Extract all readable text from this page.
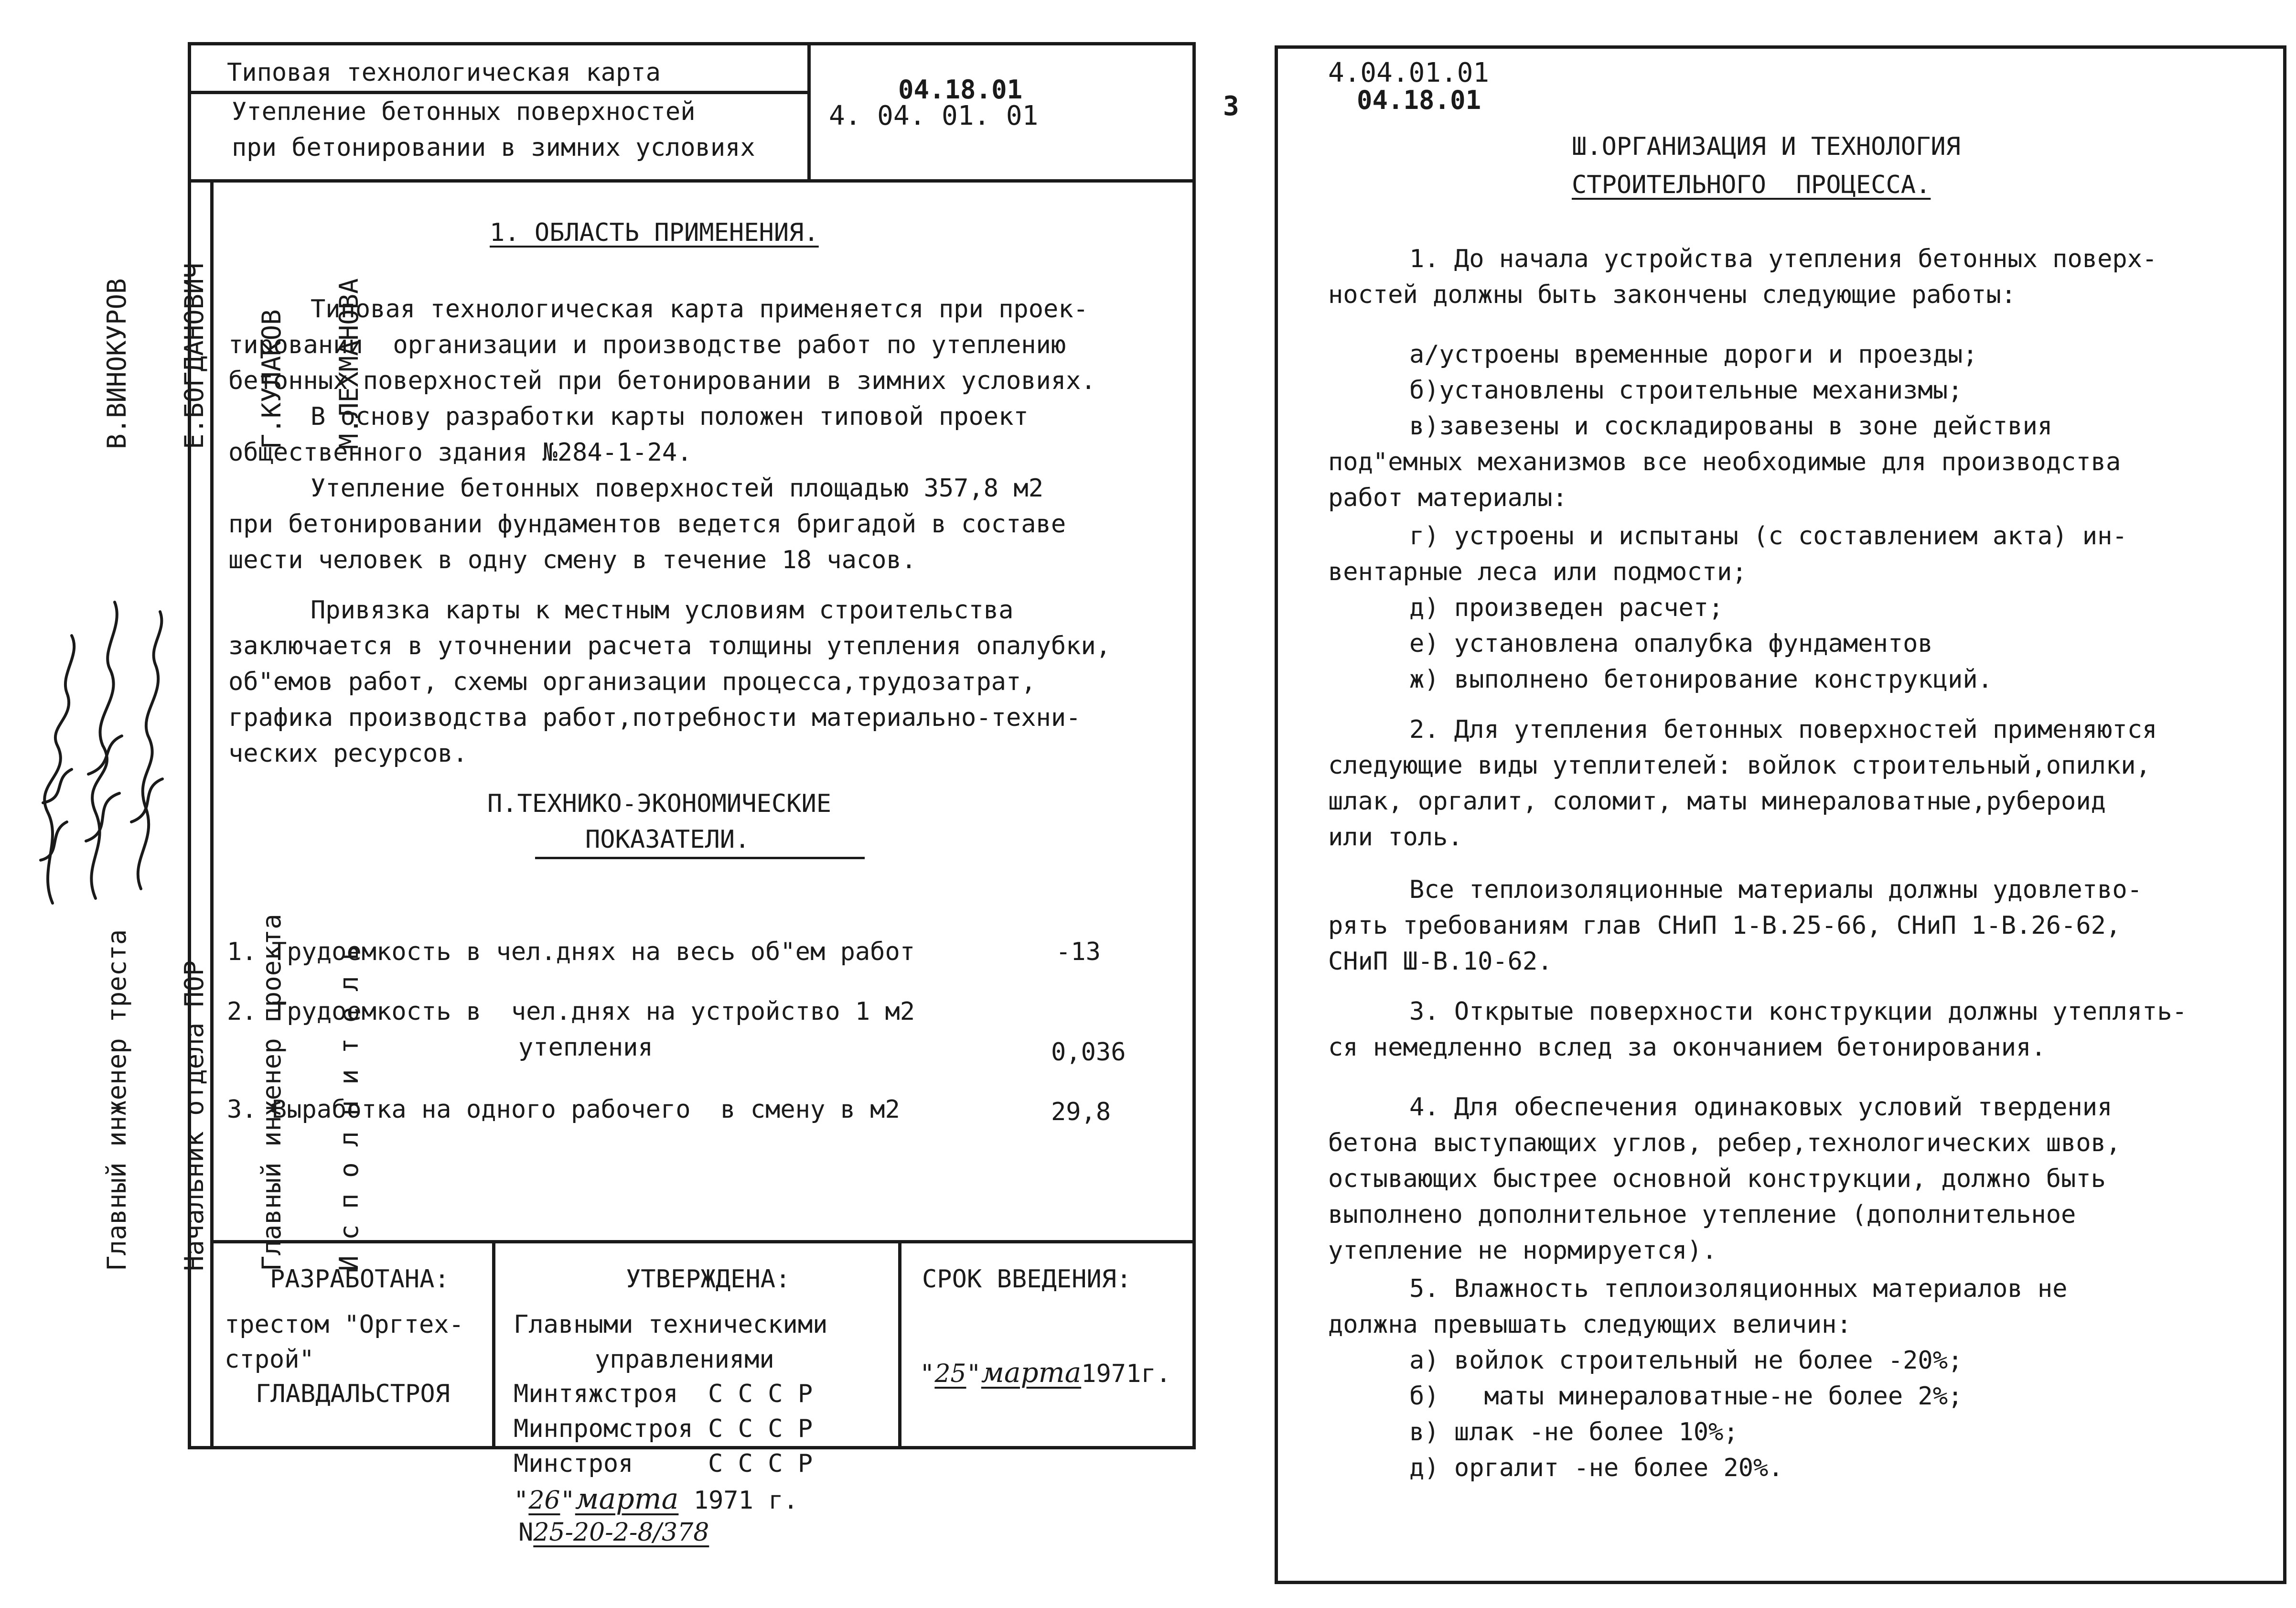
3
Типовая технологическая карта
Утепление бетонных поверхностей
при бетонировании в зимних условиях
04.18.01
4. 04. 01. 01
1. ОБЛАСТЬ ПРИМЕНЕНИЯ.
Типовая технологическая карта применяется при проек-
тировании  организации и производстве работ по утеплению
бетонных поверхностей при бетонировании в зимних условиях.
В основу разработки карты положен типовой проект
общественного здания №284-1-24.
Утепление бетонных поверхностей площадью 357,8 м2
при бетонировании фундаментов ведется бригадой в составе
шести человек в одну смену в течение 18 часов.
Привязка карты к местным условиям строительства
заключается в уточнении расчета толщины утепления опалубки,
об"емов работ, схемы организации процесса,трудозатрат,
графика производства работ,потребности материально-техни-
ческих ресурсов.
П.ТЕХНИКО-ЭКОНОМИЧЕСКИЕ
ПОКАЗАТЕЛИ.
1. Трудоемкость в чел.днях на весь об"ем работ	-13
2. Трудоемкость в  чел.днях на устройство 1 м2
утепления	0,036
3. Выработка на одного рабочего  в смену в м2	29,8
РАЗРАБОТАНА:
трестом "Оргтех-
строй"
ГЛАВДАЛЬСТРОЯ
УТВЕРЖДЕНА:
Главными техническими
управлениями
Минтяжстроя  С С С Р
Минпромстроя С С С Р
Минстроя     С С С Р
"26"марта 1971 г.
N25-20-2-8/378
СРОК ВВЕДЕНИЯ:
"25"марта1971г.

В.ВИНОКУРОВ

Е.БОГДАНОВИЧ

Г.КУЛАКОВ

М.ЛЕХМАНОВА

Главный инженер треста

Начальник отдела ПОР

Главный инженер проекта

И с п о л н и т е л ь

4.04.01.01
04.18.01
Ш.ОРГАНИЗАЦИЯ И ТЕХНОЛОГИЯ
СТРОИТЕЛЬНОГО  ПРОЦЕССА.
1. До начала устройства утепления бетонных поверх-
ностей должны быть закончены следующие работы:
а/устроены временные дороги и проезды;
б)установлены строительные механизмы;
в)завезены и соскладированы в зоне действия
под"емных механизмов все необходимые для производства
работ материалы:
г) устроены и испытаны (с составлением акта) ин-
вентарные леса или подмости;
д) произведен расчет;
е) установлена опалубка фундаментов
ж) выполнено бетонирование конструкций.
2. Для утепления бетонных поверхностей применяются
следующие виды утеплителей: войлок строительный,опилки,
шлак, оргалит, соломит, маты минераловатные,рубероид
или толь.
Все теплоизоляционные материалы должны удовлетво-
рять требованиям глав СНиП 1-В.25-66, СНиП 1-В.26-62,
СНиП Ш-В.10-62.
3. Открытые поверхности конструкции должны утеплять-
ся немедленно вслед за окончанием бетонирования.
4. Для обеспечения одинаковых условий твердения
бетона выступающих углов, ребер,технологических швов,
остывающих быстрее основной конструкции, должно быть
выполнено дополнительное утепление (дополнительное
утепление не нормируется).
5. Влажность теплоизоляционных материалов не
должна превышать следующих величин:
а) войлок строительный не более -20%;
б)   маты минераловатные-не более 2%;
в) шлак -не более 10%;
д) оргалит -не более 20%.
